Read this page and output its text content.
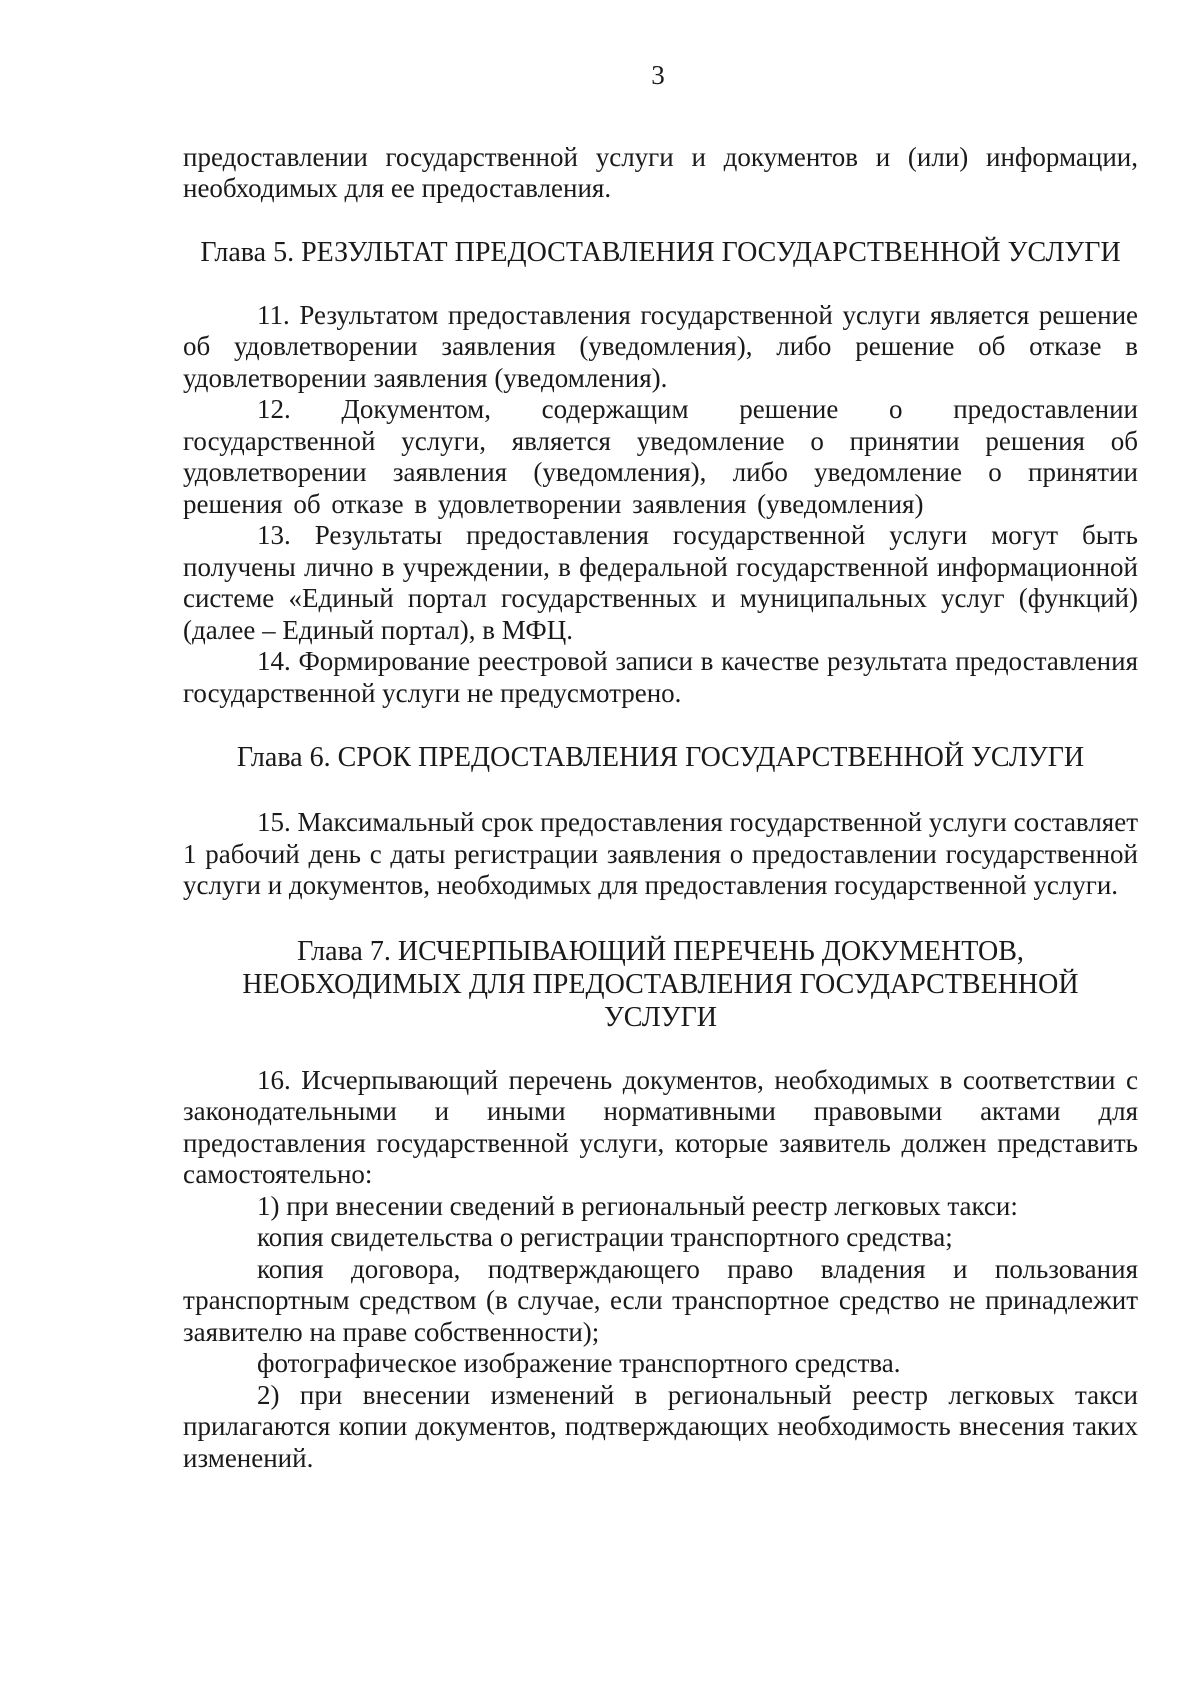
3

предоставлении государственной услуги и документов и (или) информации, необходимых для ее предоставления.

Глава 5. РЕЗУЛЬТАТ ПРЕДОСТАВЛЕНИЯ ГОСУДАРСТВЕННОЙ УСЛУГИ

11. Результатом предоставления государственной услуги является решение об удовлетворении заявления (уведомления), либо решение об отказе в удовлетворении заявления (уведомления).

12. Документом, содержащим решение о предоставлении государственной услуги, является уведомление о принятии решения об удовлетворении заявления (уведомления), либо уведомление о принятии решения об отказе в удовлетворении заявления (уведомления)

13. Результаты предоставления государственной услуги могут быть получены лично в учреждении, в федеральной государственной информационной системе «Единый портал государственных и муниципальных услуг (функций) (далее – Единый портал), в МФЦ.

14. Формирование реестровой записи в качестве результата предоставления государственной услуги не предусмотрено.

Глава 6. СРОК ПРЕДОСТАВЛЕНИЯ ГОСУДАРСТВЕННОЙ УСЛУГИ

15. Максимальный срок предоставления государственной услуги составляет 1 рабочий день с даты регистрации заявления о предоставлении государственной услуги и документов, необходимых для предоставления государственной услуги.

Глава 7. ИСЧЕРПЫВАЮЩИЙ ПЕРЕЧЕНЬ ДОКУМЕНТОВ,
НЕОБХОДИМЫХ ДЛЯ ПРЕДОСТАВЛЕНИЯ ГОСУДАРСТВЕННОЙ
УСЛУГИ

16. Исчерпывающий перечень документов, необходимых в соответствии с законодательными и иными нормативными правовыми актами для предоставления государственной услуги, которые заявитель должен представить самостоятельно:

1) при внесении сведений в региональный реестр легковых такси:

копия свидетельства о регистрации транспортного средства;

копия договора, подтверждающего право владения и пользования транспортным средством (в случае, если транспортное средство не принадлежит заявителю на праве собственности);

фотографическое изображение транспортного средства.

2) при внесении изменений в региональный реестр легковых такси прилагаются копии документов, подтверждающих необходимость внесения таких изменений.
